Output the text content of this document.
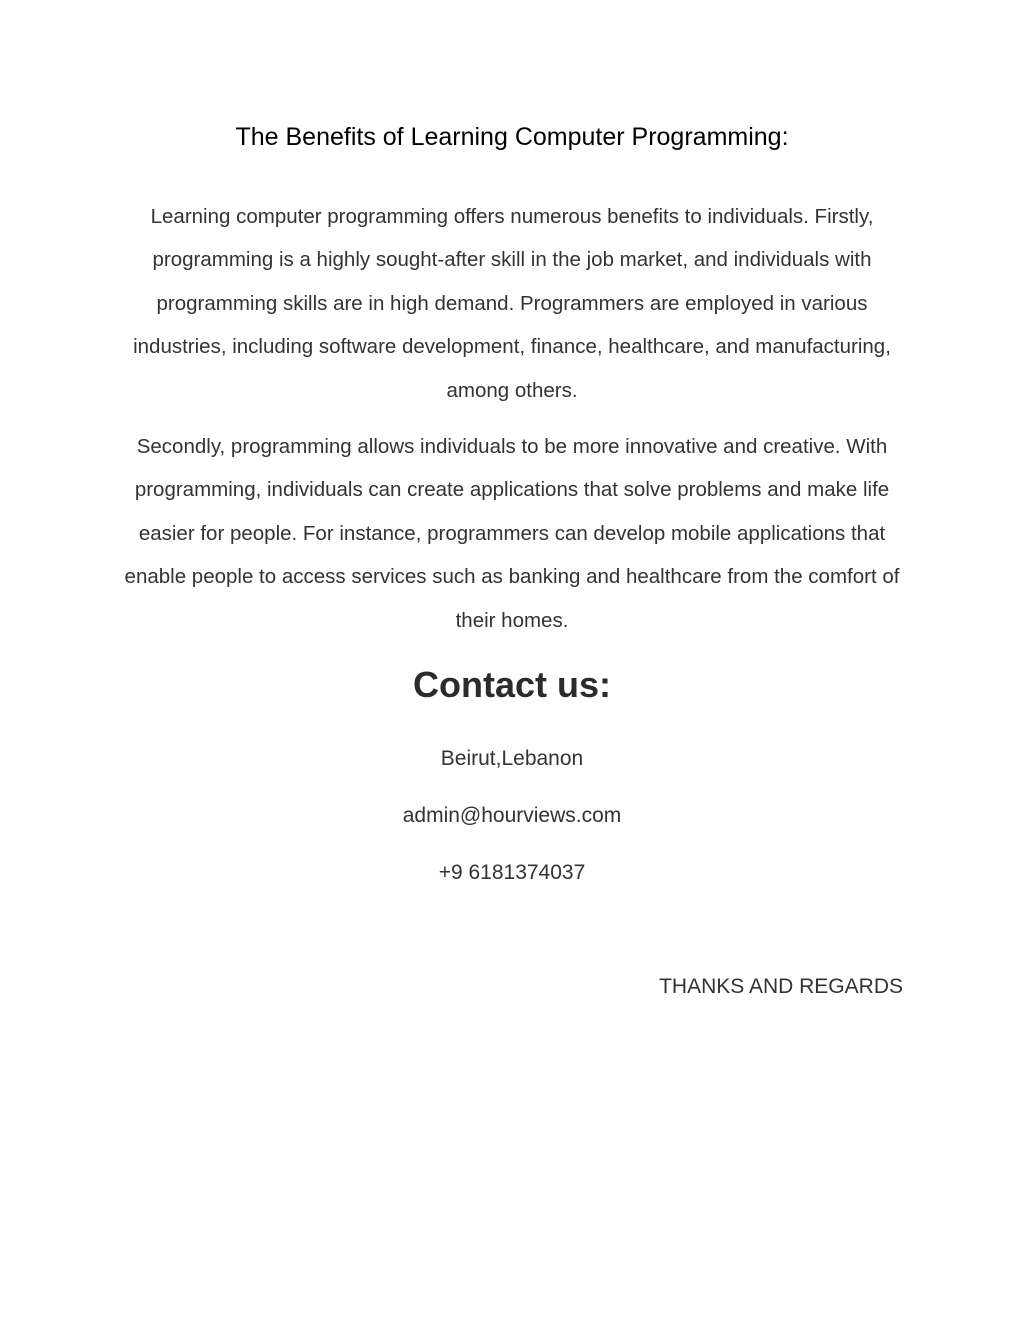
The Benefits of Learning Computer Programming:

Learning computer programming offers numerous benefits to individuals. Firstly, programming is a highly sought-after skill in the job market, and individuals with programming skills are in high demand. Programmers are employed in various industries, including software development, finance, healthcare, and manufacturing, among others.

Secondly, programming allows individuals to be more innovative and creative. With programming, individuals can create applications that solve problems and make life easier for people. For instance, programmers can develop mobile applications that enable people to access services such as banking and healthcare from the comfort of their homes.

Contact us:

Beirut,Lebanon

admin@hourviews.com

+9 6181374037

THANKS AND REGARDS
